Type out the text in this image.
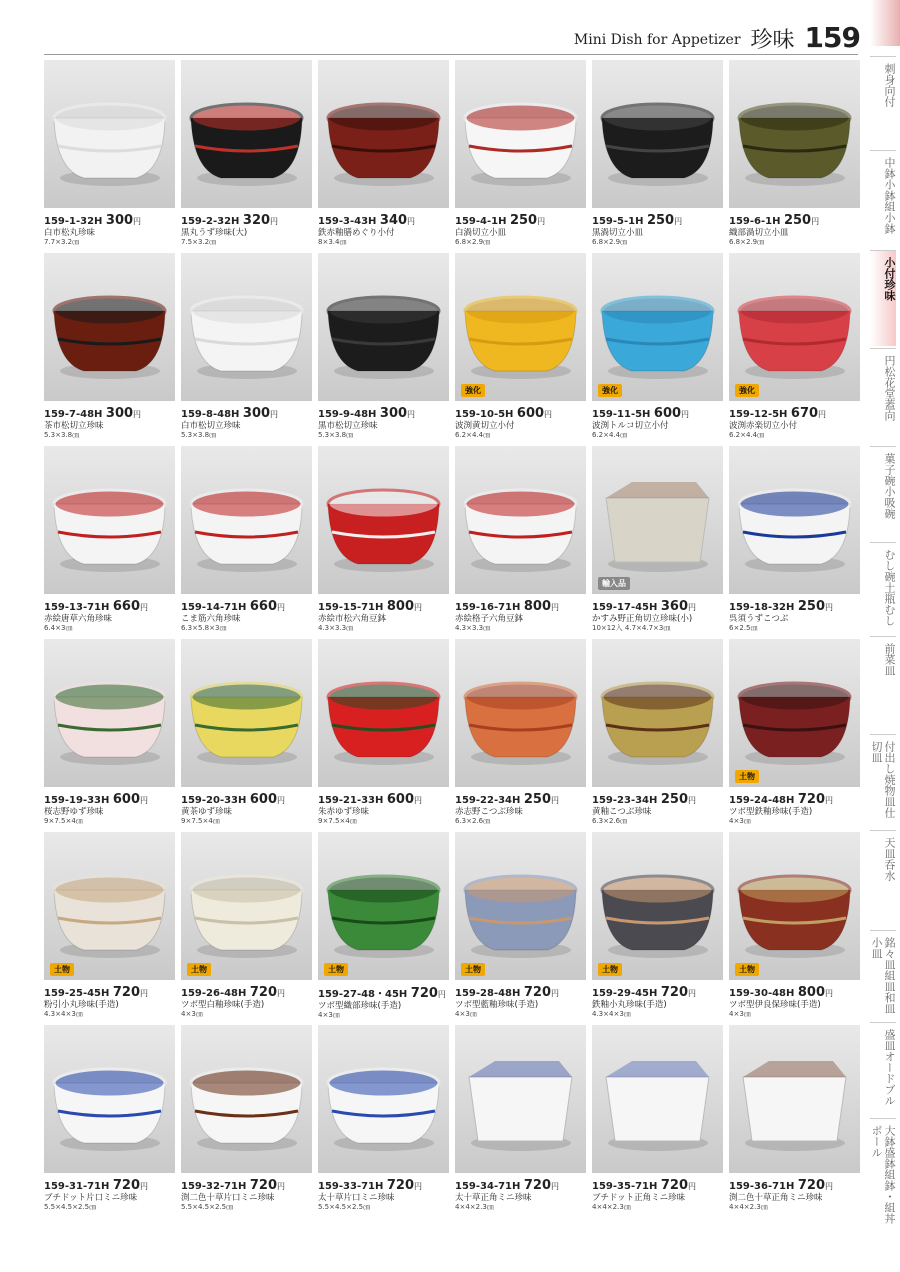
Mini Dish for Appetizer 珍味 159
159-1-32H 300円
白市松丸珍味
7.7×3.2㎝
159-2-32H 320円
黒丸うず珍味(大)
7.5×3.2㎝
159-3-43H 340円
鉄赤釉膳めぐり小付
8×3.4㎝
159-4-1H 250円
白渦切立小皿
6.8×2.9㎝
159-5-1H 250円
黒渦切立小皿
6.8×2.9㎝
159-6-1H 250円
織部渦切立小皿
6.8×2.9㎝
159-7-48H 300円
茶市松切立珍味
5.3×3.8㎝
159-8-48H 300円
白市松切立珍味
5.3×3.8㎝
159-9-48H 300円
黒市松切立珍味
5.3×3.8㎝
強化
159-10-5H 600円
波渕黄切立小付
6.2×4.4㎝
強化
159-11-5H 600円
波渕トルコ切立小付
6.2×4.4㎝
強化
159-12-5H 670円
波渕赤楽切立小付
6.2×4.4㎝
159-13-71H 660円
赤絵唐草六角珍味
6.4×3㎝
159-14-71H 660円
こま筋六角珍味
6.3×5.8×3㎝
159-15-71H 800円
赤絵市松六角豆鉢
4.3×3.3㎝
159-16-71H 800円
赤絵格子六角豆鉢
4.3×3.3㎝
輸入品
159-17-45H 360円
かすみ野正角切立珍味(小)
10×12入 4.7×4.7×3㎝
159-18-32H 250円
呉須うずこつぶ
6×2.5㎝
159-19-33H 600円
桜志野ゆず珍味
9×7.5×4㎝
159-20-33H 600円
黄茶ゆず珍味
9×7.5×4㎝
159-21-33H 600円
朱赤ゆず珍味
9×7.5×4㎝
159-22-34H 250円
赤志野こつぶ珍味
6.3×2.6㎝
159-23-34H 250円
黄釉こつぶ珍味
6.3×2.6㎝
土物
159-24-48H 720円
ツボ型鉄釉珍味(手造)
4×3㎝
土物
159-25-45H 720円
粉引小丸珍味(手造)
4.3×4×3㎝
土物
159-26-48H 720円
ツボ型白釉珍味(手造)
4×3㎝
土物
159-27-48・45H 720円
ツボ型織部珍味(手造)
4×3㎝
土物
159-28-48H 720円
ツボ型藍釉珍味(手造)
4×3㎝
土物
159-29-45H 720円
鉄釉小丸珍味(手造)
4.3×4×3㎝
土物
159-30-48H 800円
ツボ型伊良保珍味(手造)
4×3㎝
159-31-71H 720円
ブチドット片口ミニ珍味
5.5×4.5×2.5㎝
159-32-71H 720円
渕二色十草片口ミニ珍味
5.5×4.5×2.5㎝
159-33-71H 720円
太十草片口ミニ珍味
5.5×4.5×2.5㎝
159-34-71H 720円
太十草正角ミニ珍味
4×4×2.3㎝
159-35-71H 720円
ブチドット正角ミニ珍味
4×4×2.3㎝
159-36-71H 720円
渕二色十草正角ミニ珍味
4×4×2.3㎝
刺身向付
中鉢小鉢組小鉢
小付珍味
円松花堂蓋向
菓子碗小吸碗
むし碗土瓶むし
前菜皿
付出し焼物皿仕切皿
天皿呑水
銘々皿組皿和皿小皿
盛皿オードブル
大鉢盛鉢組鉢・組丼ボール
